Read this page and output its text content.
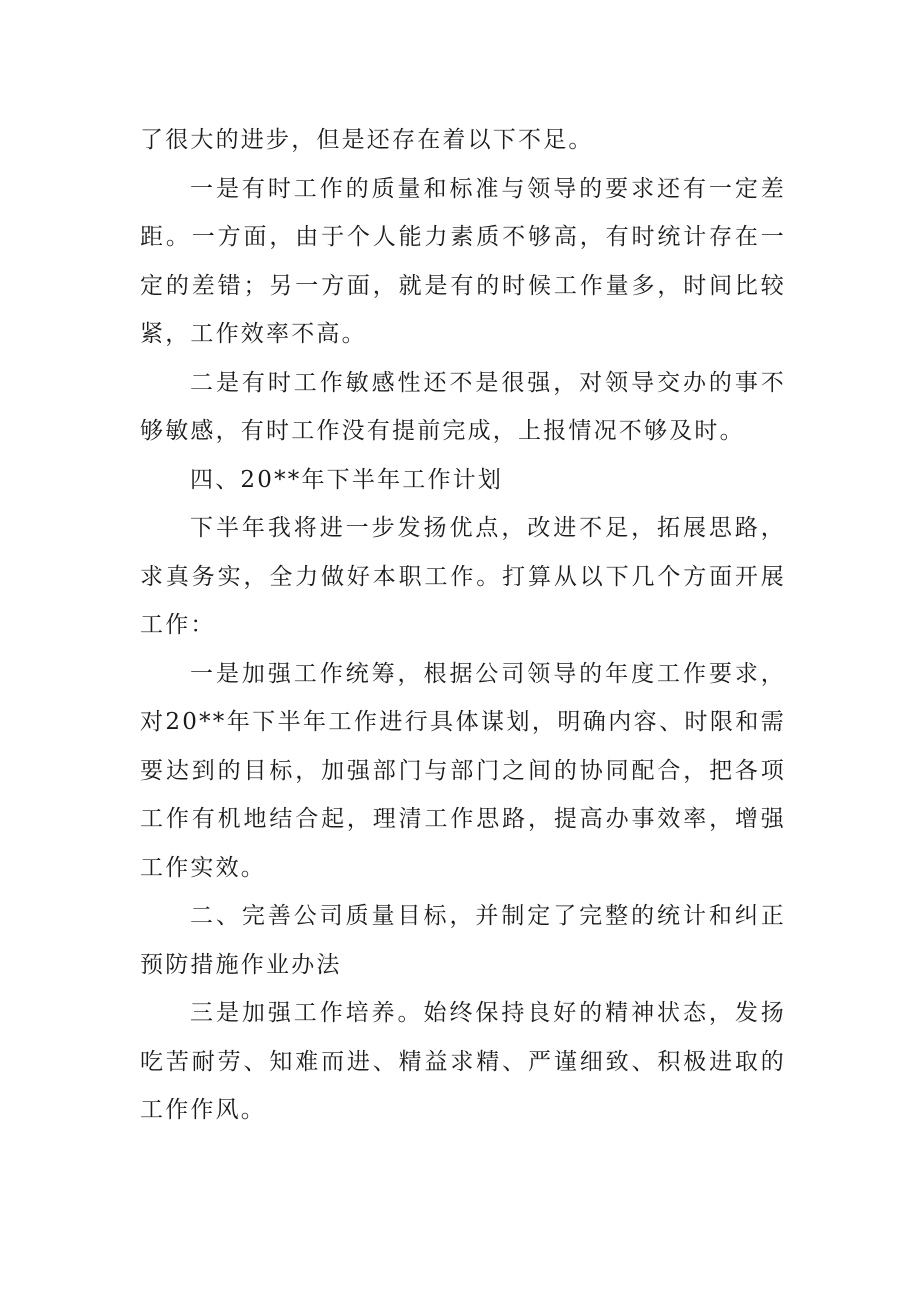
了很大的进步，但是还存在着以下不足。

一是有时工作的质量和标准与领导的要求还有一定差距。一方面，由于个人能力素质不够高，有时统计存在一定的差错；另一方面，就是有的时候工作量多，时间比较紧，工作效率不高。

二是有时工作敏感性还不是很强，对领导交办的事不够敏感，有时工作没有提前完成，上报情况不够及时。

四、20**年下半年工作计划

下半年我将进一步发扬优点，改进不足，拓展思路，求真务实，全力做好本职工作。打算从以下几个方面开展工作：

一是加强工作统筹，根据公司领导的年度工作要求，对20**年下半年工作进行具体谋划，明确内容、时限和需要达到的目标，加强部门与部门之间的协同配合，把各项工作有机地结合起，理清工作思路，提高办事效率，增强工作实效。

二、完善公司质量目标，并制定了完整的统计和纠正预防措施作业办法

三是加强工作培养。始终保持良好的精神状态，发扬吃苦耐劳、知难而进、精益求精、严谨细致、积极进取的工作作风。
